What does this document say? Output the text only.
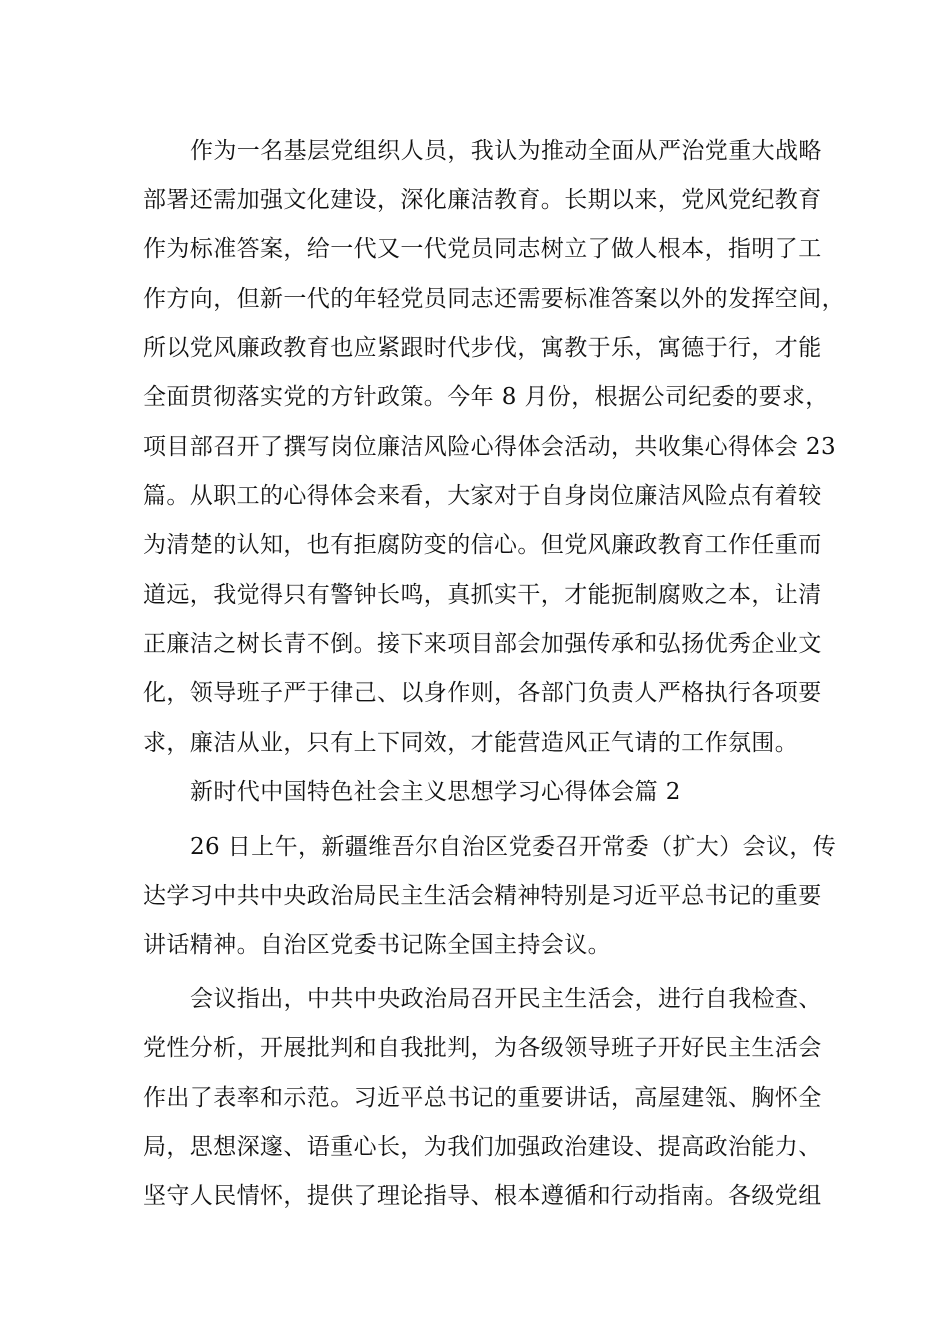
作为一名基层党组织人员，我认为推动全面从严治党重大战略
部署还需加强文化建设，深化廉洁教育。长期以来，党风党纪教育
作为标准答案，给一代又一代党员同志树立了做人根本，指明了工
作方向，但新一代的年轻党员同志还需要标准答案以外的发挥空间，
所以党风廉政教育也应紧跟时代步伐，寓教于乐，寓德于行，才能
全面贯彻落实党的方针政策。今年 8 月份，根据公司纪委的要求，
项目部召开了撰写岗位廉洁风险心得体会活动，共收集心得体会 23
篇。从职工的心得体会来看，大家对于自身岗位廉洁风险点有着较
为清楚的认知，也有拒腐防变的信心。但党风廉政教育工作任重而
道远，我觉得只有警钟长鸣，真抓实干，才能扼制腐败之本，让清
正廉洁之树长青不倒。接下来项目部会加强传承和弘扬优秀企业文
化，领导班子严于律己、以身作则，各部门负责人严格执行各项要
求，廉洁从业，只有上下同效，才能营造风正气请的工作氛围。
新时代中国特色社会主义思想学习心得体会篇 2
26 日上午，新疆维吾尔自治区党委召开常委（扩大）会议，传
达学习中共中央政治局民主生活会精神特别是习近平总书记的重要
讲话精神。自治区党委书记陈全国主持会议。
会议指出，中共中央政治局召开民主生活会，进行自我检查、
党性分析，开展批判和自我批判，为各级领导班子开好民主生活会
作出了表率和示范。习近平总书记的重要讲话，高屋建瓴、胸怀全
局，思想深邃、语重心长，为我们加强政治建设、提高政治能力、
坚守人民情怀，提供了理论指导、根本遵循和行动指南。各级党组
